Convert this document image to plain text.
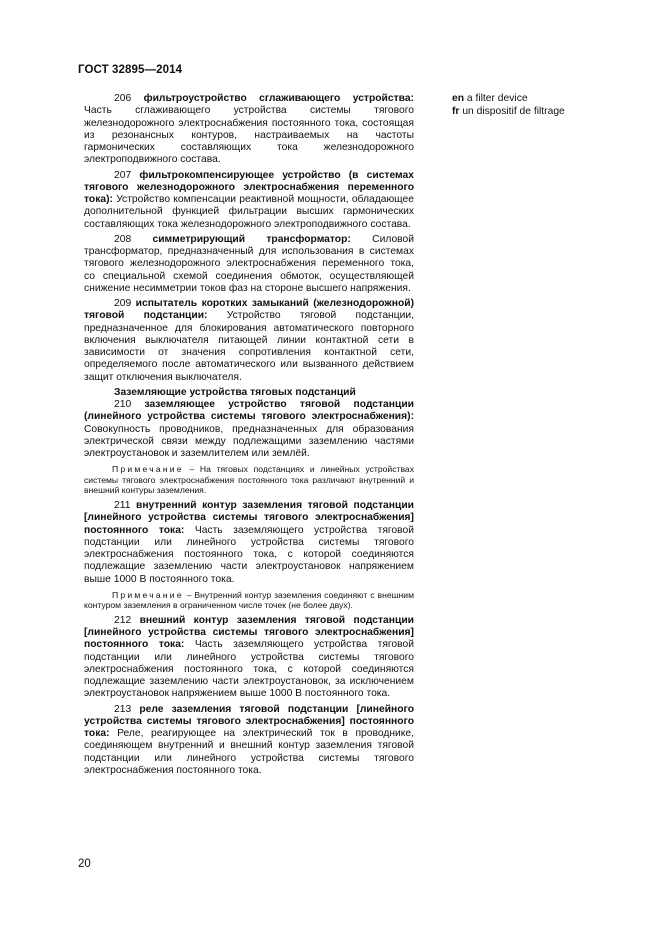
ГОСТ 32895—2014
en a filter device
fr un dispositif de filtrage

206 фильтроустройство сглаживающего устройства: Часть сглаживающего устройства системы тягового железнодорожного электроснабжения постоянного тока, состоящая из резонансных контуров, настраиваемых на частоты гармонических составляющих тока железнодорожного электроподвижного состава.

207 фильтрокомпенсирующее устройство (в системах тягового железнодорожного электроснабжения переменного тока): Устройство компенсации реактивной мощности, обладающее дополнительной функцией фильтрации высших гармонических составляющих тока железнодорожного электроподвижного состава.

208 симметрирующий трансформатор: Силовой трансформатор, предназначенный для использования в системах тягового железнодорожного электроснабжения переменного тока, со специальной схемой соединения обмоток, осуществляющей снижение несимметрии токов фаз на стороне высшего напряжения.

209 испытатель коротких замыканий (железнодорожной) тяговой подстанции: Устройство тяговой подстанции, предназначенное для блокирования автоматического повторного включения выключателя питающей линии контактной сети в зависимости от значения сопротивления контактной сети, определяемого после автоматического или вызванного действием защит отключения выключателя.

Заземляющие устройства тяговых подстанций

210 заземляющее устройство тяговой подстанции (линейного устройства системы тягового электроснабжения): Совокупность проводников, предназначенных для образования электрической связи между подлежащими заземлению частями электроустановок и заземлителем или землёй.

Примечание – На тяговых подстанциях и линейных устройствах системы тягового электроснабжения постоянного тока различают внутренний и внешний контуры заземления.

211 внутренний контур заземления тяговой подстанции [линейного устройства системы тягового электроснабжения] постоянного тока: Часть заземляющего устройства тяговой подстанции или линейного устройства системы тягового электроснабжения постоянного тока, с которой соединяются подлежащие заземлению части электроустановок напряжением выше 1000 В постоянного тока.

Примечание – Внутренний контур заземления соединяют с внешним контуром заземления в ограниченном числе точек (не более двух).

212 внешний контур заземления тяговой подстанции [линейного устройства системы тягового электроснабжения] постоянного тока: Часть заземляющего устройства тяговой подстанции или линейного устройства системы тягового электроснабжения постоянного тока, с которой соединяются подлежащие заземлению части электроустановок, за исключением электроустановок напряжением выше 1000 В постоянного тока.

213 реле заземления тяговой подстанции [линейного устройства системы тягового электроснабжения] постоянного тока: Реле, реагирующее на электрический ток в проводнике, соединяющем внутренний и внешний контур заземления тяговой подстанции или линейного устройства системы тягового электроснабжения постоянного тока.

20
